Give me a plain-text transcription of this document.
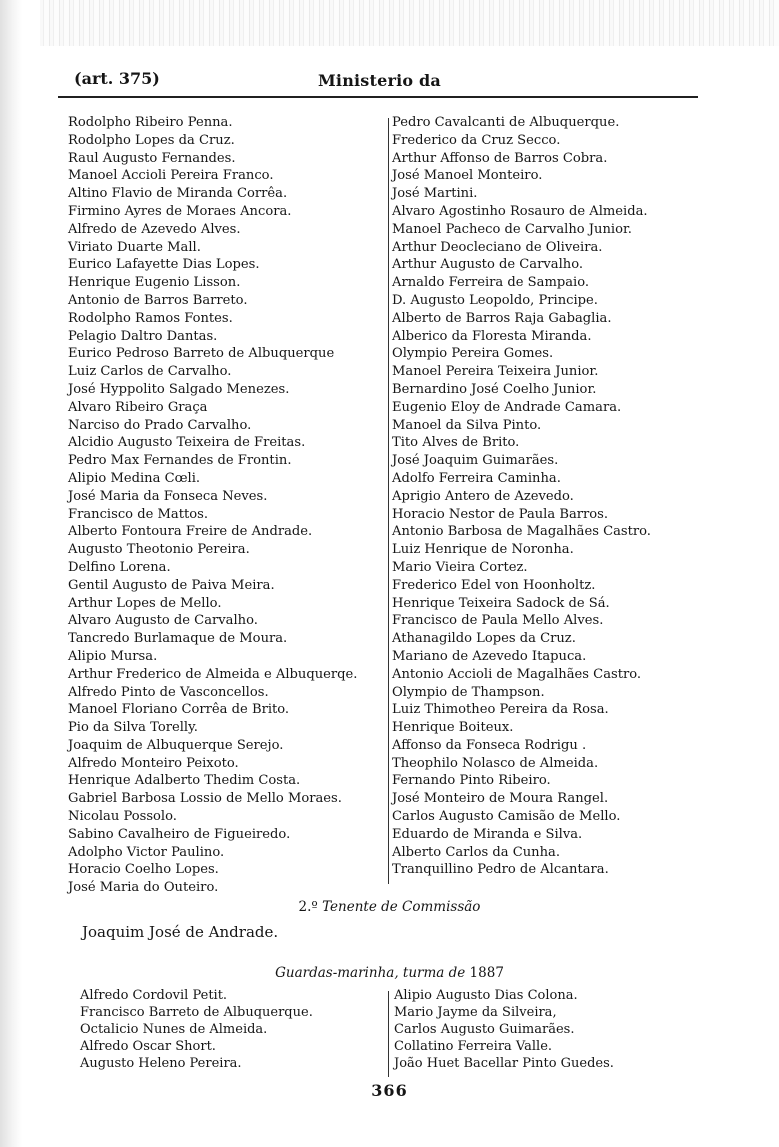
(art. 375)	Ministerio da
Rodolpho Ribeiro Penna.
Rodolpho Lopes da Cruz.
Raul Augusto Fernandes.
Manoel Accioli Pereira Franco.
Altino Flavio de Miranda Corrêa.
Firmino Ayres de Moraes Ancora.
Alfredo de Azevedo Alves.
Viriato Duarte Mall.
Eurico Lafayette Dias Lopes.
Henrique Eugenio Lisson.
Antonio de Barros Barreto.
Rodolpho Ramos Fontes.
Pelagio Daltro Dantas.
Eurico Pedroso Barreto de Albuquerque
Luiz Carlos de Carvalho.
José Hyppolito Salgado Menezes.
Alvaro Ribeiro Graça
Narciso do Prado Carvalho.
Alcidio Augusto Teixeira de Freitas.
Pedro Max Fernandes de Frontin.
Alipio Medina Cœli.
José Maria da Fonseca Neves.
Francisco de Mattos.
Alberto Fontoura Freire de Andrade.
Augusto Theotonio Pereira.
Delfino Lorena.
Gentil Augusto de Paiva Meira.
Arthur Lopes de Mello.
Alvaro Augusto de Carvalho.
Tancredo Burlamaque de Moura.
Alipio Mursa.
Arthur Frederico de Almeida e Albuquerqe.
Alfredo Pinto de Vasconcellos.
Manoel Floriano Corrêa de Brito.
Pio da Silva Torelly.
Joaquim de Albuquerque Serejo.
Alfredo Monteiro Peixoto.
Henrique Adalberto Thedim Costa.
Gabriel Barbosa Lossio de Mello Moraes.
Nicolau Possolo.
Sabino Cavalheiro de Figueiredo.
Adolpho Victor Paulino.
Horacio Coelho Lopes.
José Maria do Outeiro.
Pedro Cavalcanti de Albuquerque.
Frederico da Cruz Secco.
Arthur Affonso de Barros Cobra.
José Manoel Monteiro.
José Martini.
Alvaro Agostinho Rosauro de Almeida.
Manoel Pacheco de Carvalho Junior.
Arthur Deocleciano de Oliveira.
Arthur Augusto de Carvalho.
Arnaldo Ferreira de Sampaio.
D. Augusto Leopoldo, Principe.
Alberto de Barros Raja Gabaglia.
Alberico da Floresta Miranda.
Olympio Pereira Gomes.
Manoel Pereira Teixeira Junior.
Bernardino José Coelho Junior.
Eugenio Eloy de Andrade Camara.
Manoel da Silva Pinto.
Tito Alves de Brito.
José Joaquim Guimarães.
Adolfo Ferreira Caminha.
Aprigio Antero de Azevedo.
Horacio Nestor de Paula Barros.
Antonio Barbosa de Magalhães Castro.
Luiz Henrique de Noronha.
Mario Vieira Cortez.
Frederico Edel von Hoonholtz.
Henrique Teixeira Sadock de Sá.
Francisco de Paula Mello Alves.
Athanagildo Lopes da Cruz.
Mariano de Azevedo Itapuca.
Antonio Accioli de Magalhães Castro.
Olympio de Thampson.
Luiz Thimotheo Pereira da Rosa.
Henrique Boiteux.
Affonso da Fonseca Rodrigu .
Theophilo Nolasco de Almeida.
Fernando Pinto Ribeiro.
José Monteiro de Moura Rangel.
Carlos Augusto Camisão de Mello.
Eduardo de Miranda e Silva.
Alberto Carlos da Cunha.
Tranquillino Pedro de Alcantara.
2.º Tenente de Commissão
Joaquim José de Andrade.
Guardas-marinha, turma de 1887
Alfredo Cordovil Petit.
Francisco Barreto de Albuquerque.
Octalicio Nunes de Almeida.
Alfredo Oscar Short.
Augusto Heleno Pereira.
Alipio Augusto Dias Colona.
Mario Jayme da Silveira,
Carlos Augusto Guimarães.
Collatino Ferreira Valle.
João Huet Bacellar Pinto Guedes.
366
